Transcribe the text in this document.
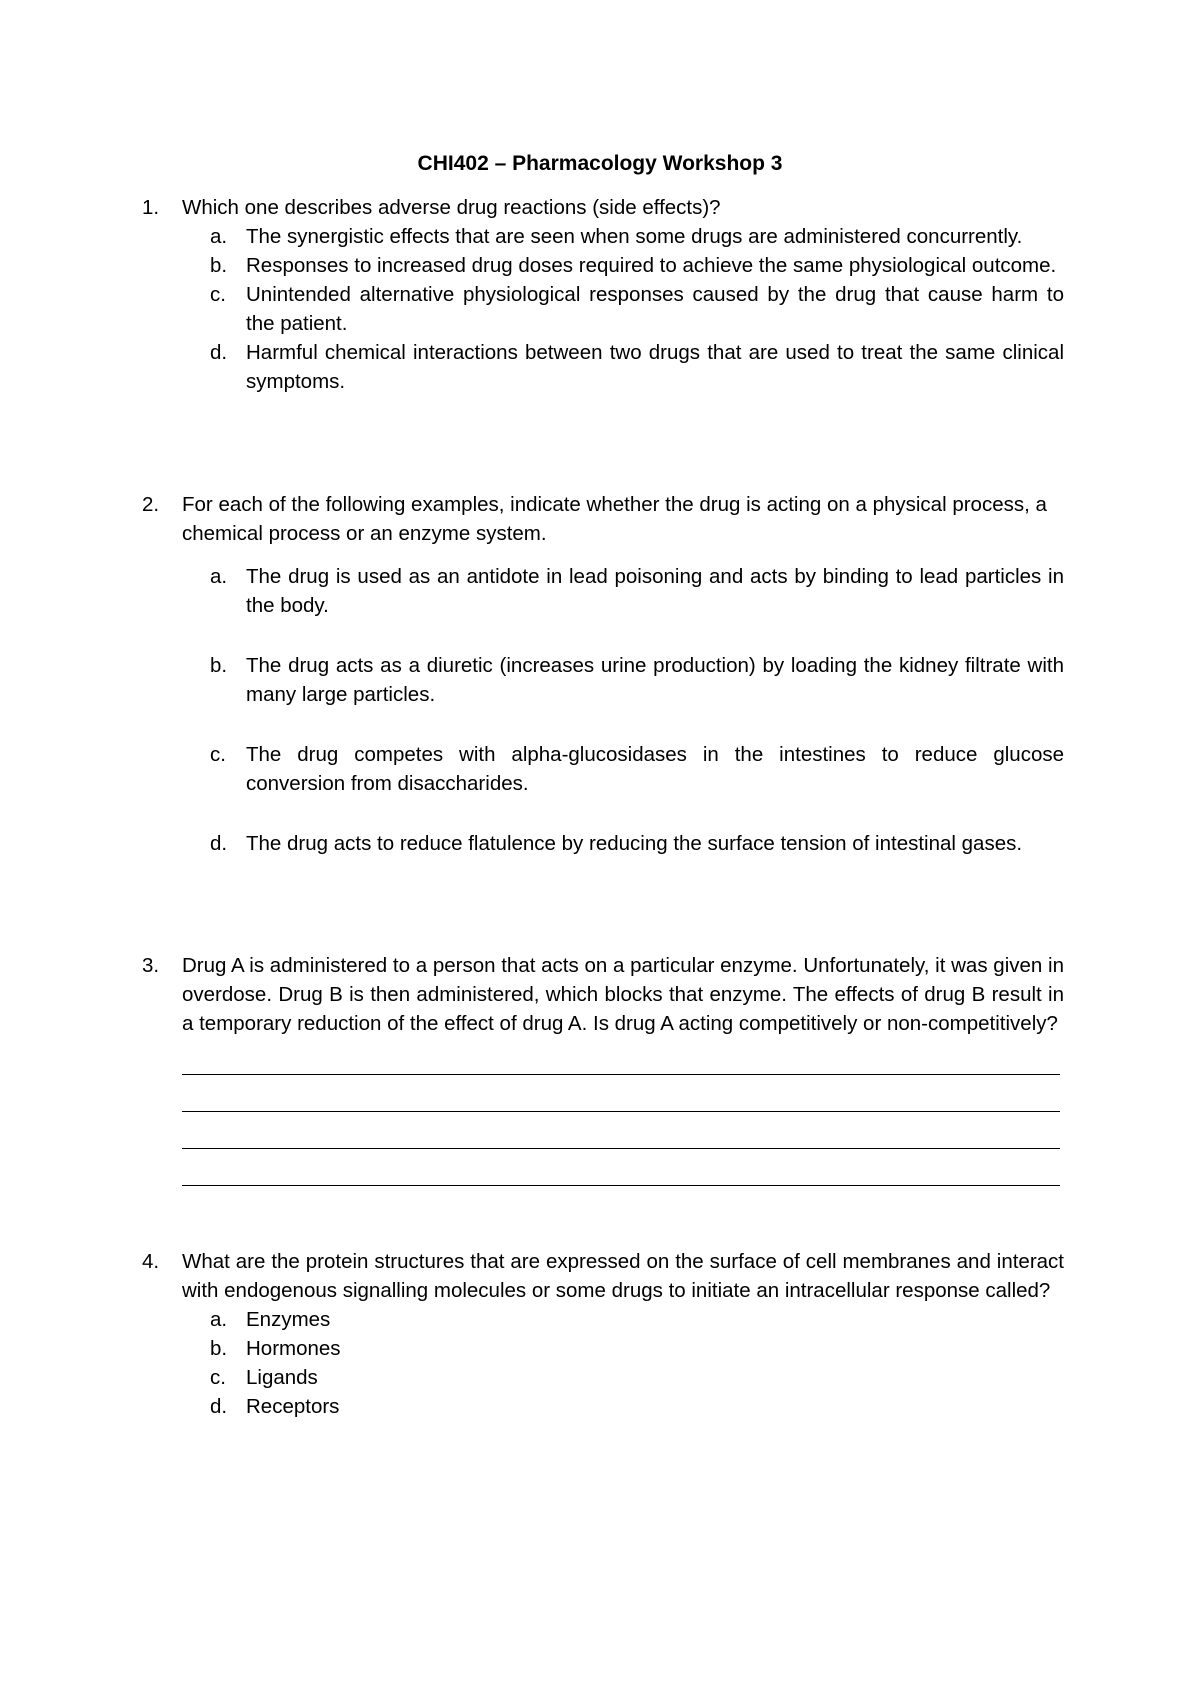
CHI402 – Pharmacology Workshop 3
1. Which one describes adverse drug reactions (side effects)?
a. The synergistic effects that are seen when some drugs are administered concurrently.
b. Responses to increased drug doses required to achieve the same physiological outcome.
c. Unintended alternative physiological responses caused by the drug that cause harm to the patient.
d. Harmful chemical interactions between two drugs that are used to treat the same clinical symptoms.
2. For each of the following examples, indicate whether the drug is acting on a physical process, a chemical process or an enzyme system.
a. The drug is used as an antidote in lead poisoning and acts by binding to lead particles in the body.
b. The drug acts as a diuretic (increases urine production) by loading the kidney filtrate with many large particles.
c. The drug competes with alpha-glucosidases in the intestines to reduce glucose conversion from disaccharides.
d. The drug acts to reduce flatulence by reducing the surface tension of intestinal gases.
3. Drug A is administered to a person that acts on a particular enzyme. Unfortunately, it was given in overdose. Drug B is then administered, which blocks that enzyme. The effects of drug B result in a temporary reduction of the effect of drug A. Is drug A acting competitively or non-competitively?
4. What are the protein structures that are expressed on the surface of cell membranes and interact with endogenous signalling molecules or some drugs to initiate an intracellular response called?
a. Enzymes
b. Hormones
c. Ligands
d. Receptors
